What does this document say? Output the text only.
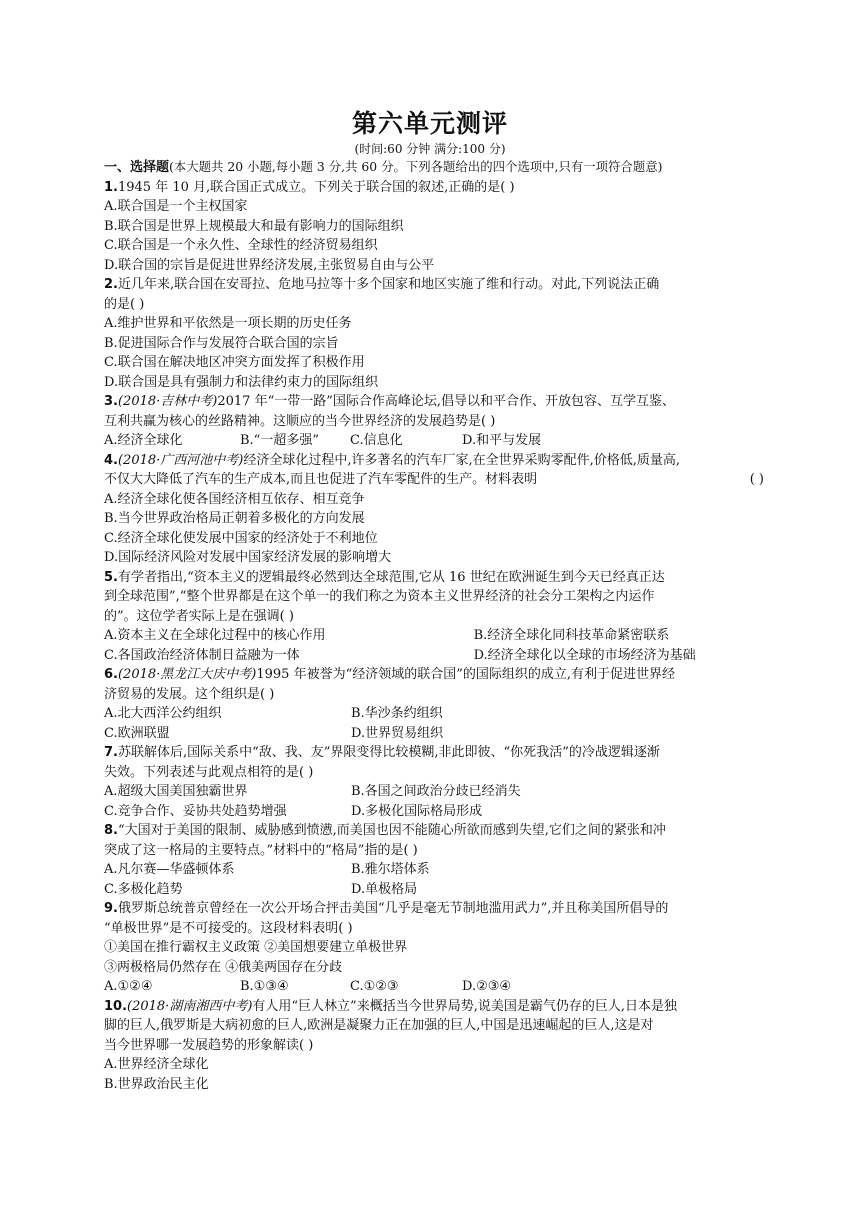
第六单元测评
(时间:60 分钟 满分:100 分)
一、选择题(本大题共 20 小题,每小题 3 分,共 60 分。下列各题给出的四个选项中,只有一项符合题意)
1.1945 年 10 月,联合国正式成立。下列关于联合国的叙述,正确的是( )
A.联合国是一个主权国家
B.联合国是世界上规模最大和最有影响力的国际组织
C.联合国是一个永久性、全球性的经济贸易组织
D.联合国的宗旨是促进世界经济发展,主张贸易自由与公平
2.近几年来,联合国在安哥拉、危地马拉等十多个国家和地区实施了维和行动。对此,下列说法正确
的是( )
A.维护世界和平依然是一项长期的历史任务
B.促进国际合作与发展符合联合国的宗旨
C.联合国在解决地区冲突方面发挥了积极作用
D.联合国是具有强制力和法律约束力的国际组织
3.(2018·吉林中考)2017 年“一带一路”国际合作高峰论坛,倡导以和平合作、开放包容、互学互鉴、
互利共赢为核心的丝路精神。这顺应的当今世界经济的发展趋势是( )
A.经济全球化	B.“一超多强”	C.信息化	D.和平与发展
4.(2018·广西河池中考)经济全球化过程中,许多著名的汽车厂家,在全世界采购零配件,价格低,质量高,
不仅大大降低了汽车的生产成本,而且也促进了汽车零配件的生产。材料表明	( )
A.经济全球化使各国经济相互依存、相互竞争
B.当今世界政治格局正朝着多极化的方向发展
C.经济全球化使发展中国家的经济处于不利地位
D.国际经济风险对发展中国家经济发展的影响增大
5.有学者指出,“资本主义的逻辑最终必然到达全球范围,它从 16 世纪在欧洲诞生到今天已经真正达
到全球范围”,“整个世界都是在这个单一的我们称之为资本主义世界经济的社会分工架构之内运作
的”。这位学者实际上是在强调( )
A.资本主义在全球化过程中的核心作用	B.经济全球化同科技革命紧密联系
C.各国政治经济体制日益融为一体	D.经济全球化以全球的市场经济为基础
6.(2018·黑龙江大庆中考)1995 年被誉为“经济领域的联合国”的国际组织的成立,有利于促进世界经
济贸易的发展。这个组织是( )
A.北大西洋公约组织	B.华沙条约组织
C.欧洲联盟	D.世界贸易组织
7.苏联解体后,国际关系中“敌、我、友”界限变得比较模糊,非此即彼、“你死我活”的冷战逻辑逐渐
失效。下列表述与此观点相符的是( )
A.超级大国美国独霸世界	B.各国之间政治分歧已经消失
C.竞争合作、妥协共处趋势增强	D.多极化国际格局形成
8.“大国对于美国的限制、威胁感到愤懑,而美国也因不能随心所欲而感到失望,它们之间的紧张和冲
突成了这一格局的主要特点。”材料中的“格局”指的是( )
A.凡尔赛—华盛顿体系	B.雅尔塔体系
C.多极化趋势	D.单极格局
9.俄罗斯总统普京曾经在一次公开场合抨击美国“几乎是毫无节制地滥用武力”,并且称美国所倡导的
“单极世界”是不可接受的。这段材料表明( )
①美国在推行霸权主义政策 ②美国想要建立单极世界
③两极格局仍然存在 ④俄美两国存在分歧
A.①②④	B.①③④	C.①②③	D.②③④
10.(2018·湖南湘西中考)有人用“巨人林立”来概括当今世界局势,说美国是霸气仍存的巨人,日本是独
脚的巨人,俄罗斯是大病初愈的巨人,欧洲是凝聚力正在加强的巨人,中国是迅速崛起的巨人,这是对
当今世界哪一发展趋势的形象解读( )
A.世界经济全球化
B.世界政治民主化
